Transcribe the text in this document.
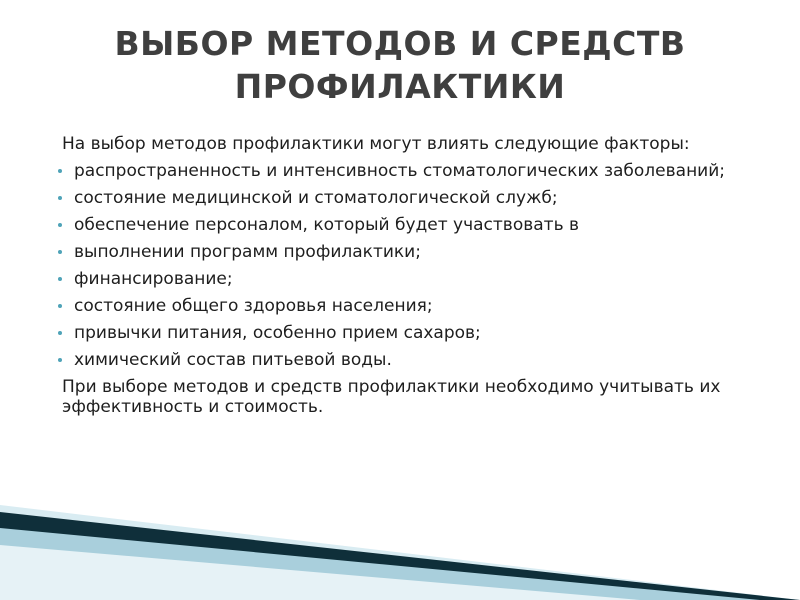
ВЫБОР МЕТОДОВ И СРЕДСТВ
ПРОФИЛАКТИКИ

На выбор методов профилактики могут влиять следующие факторы:

распространенность и интенсивность стоматологических заболеваний;
состояние медицинской и стоматологической служб;
обеспечение персоналом, который будет участвовать в
выполнении программ профилактики;
финансирование;
состояние общего здоровья населения;
привычки питания, особенно прием сахаров;
химический состав питьевой воды.

При выборе методов и средств профилактики необходимо учитывать их эффективность и стоимость.
